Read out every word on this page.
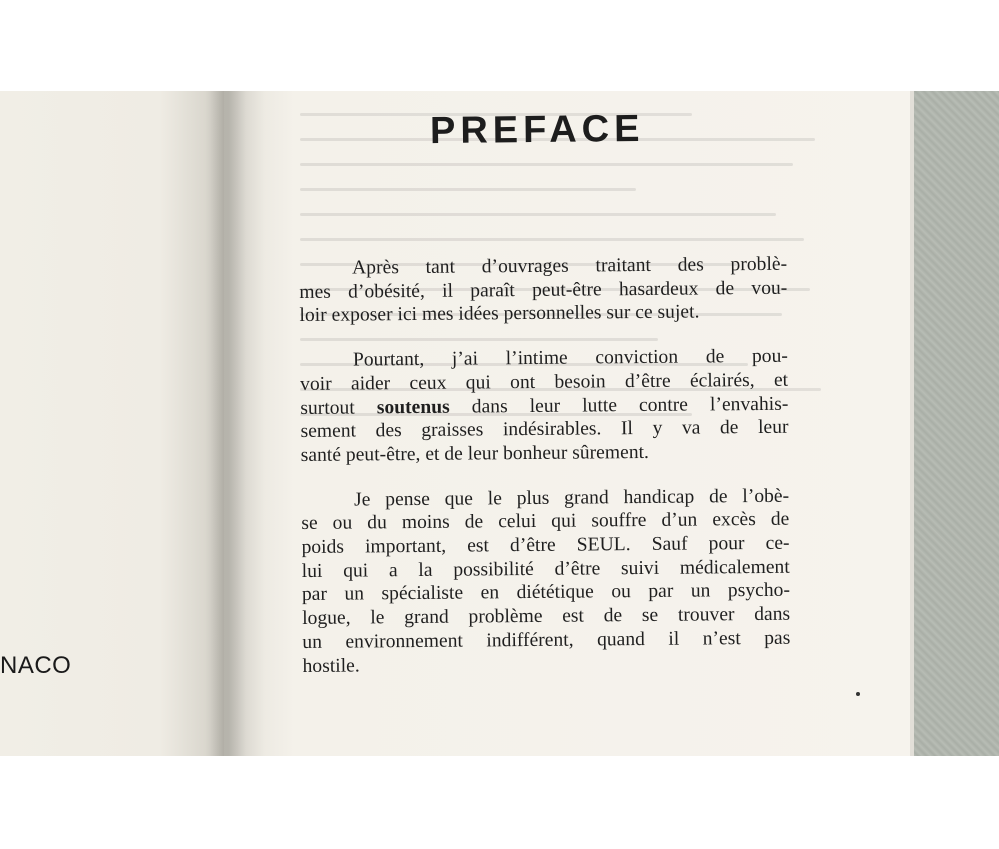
NACO
PREFACE

Après tant d’ouvrages traitant des problè-
mes d’obésité, il paraît peut-être hasardeux de vou-
loir exposer ici mes idées personnelles sur ce sujet.

Pourtant, j’ai l’intime conviction de pou-
voir aider ceux qui ont besoin d’être éclairés, et
surtout soutenus dans leur lutte contre l’envahis-
sement des graisses indésirables. Il y va de leur
santé peut-être, et de leur bonheur sûrement.

Je pense que le plus grand handicap de l’obè-
se ou du moins de celui qui souffre d’un excès de
poids important, est d’être SEUL. Sauf pour ce-
lui qui a la possibilité d’être suivi médicalement
par un spécialiste en diététique ou par un psycho-
logue, le grand problème est de se trouver dans
un environnement indifférent, quand il n’est pas
hostile.
